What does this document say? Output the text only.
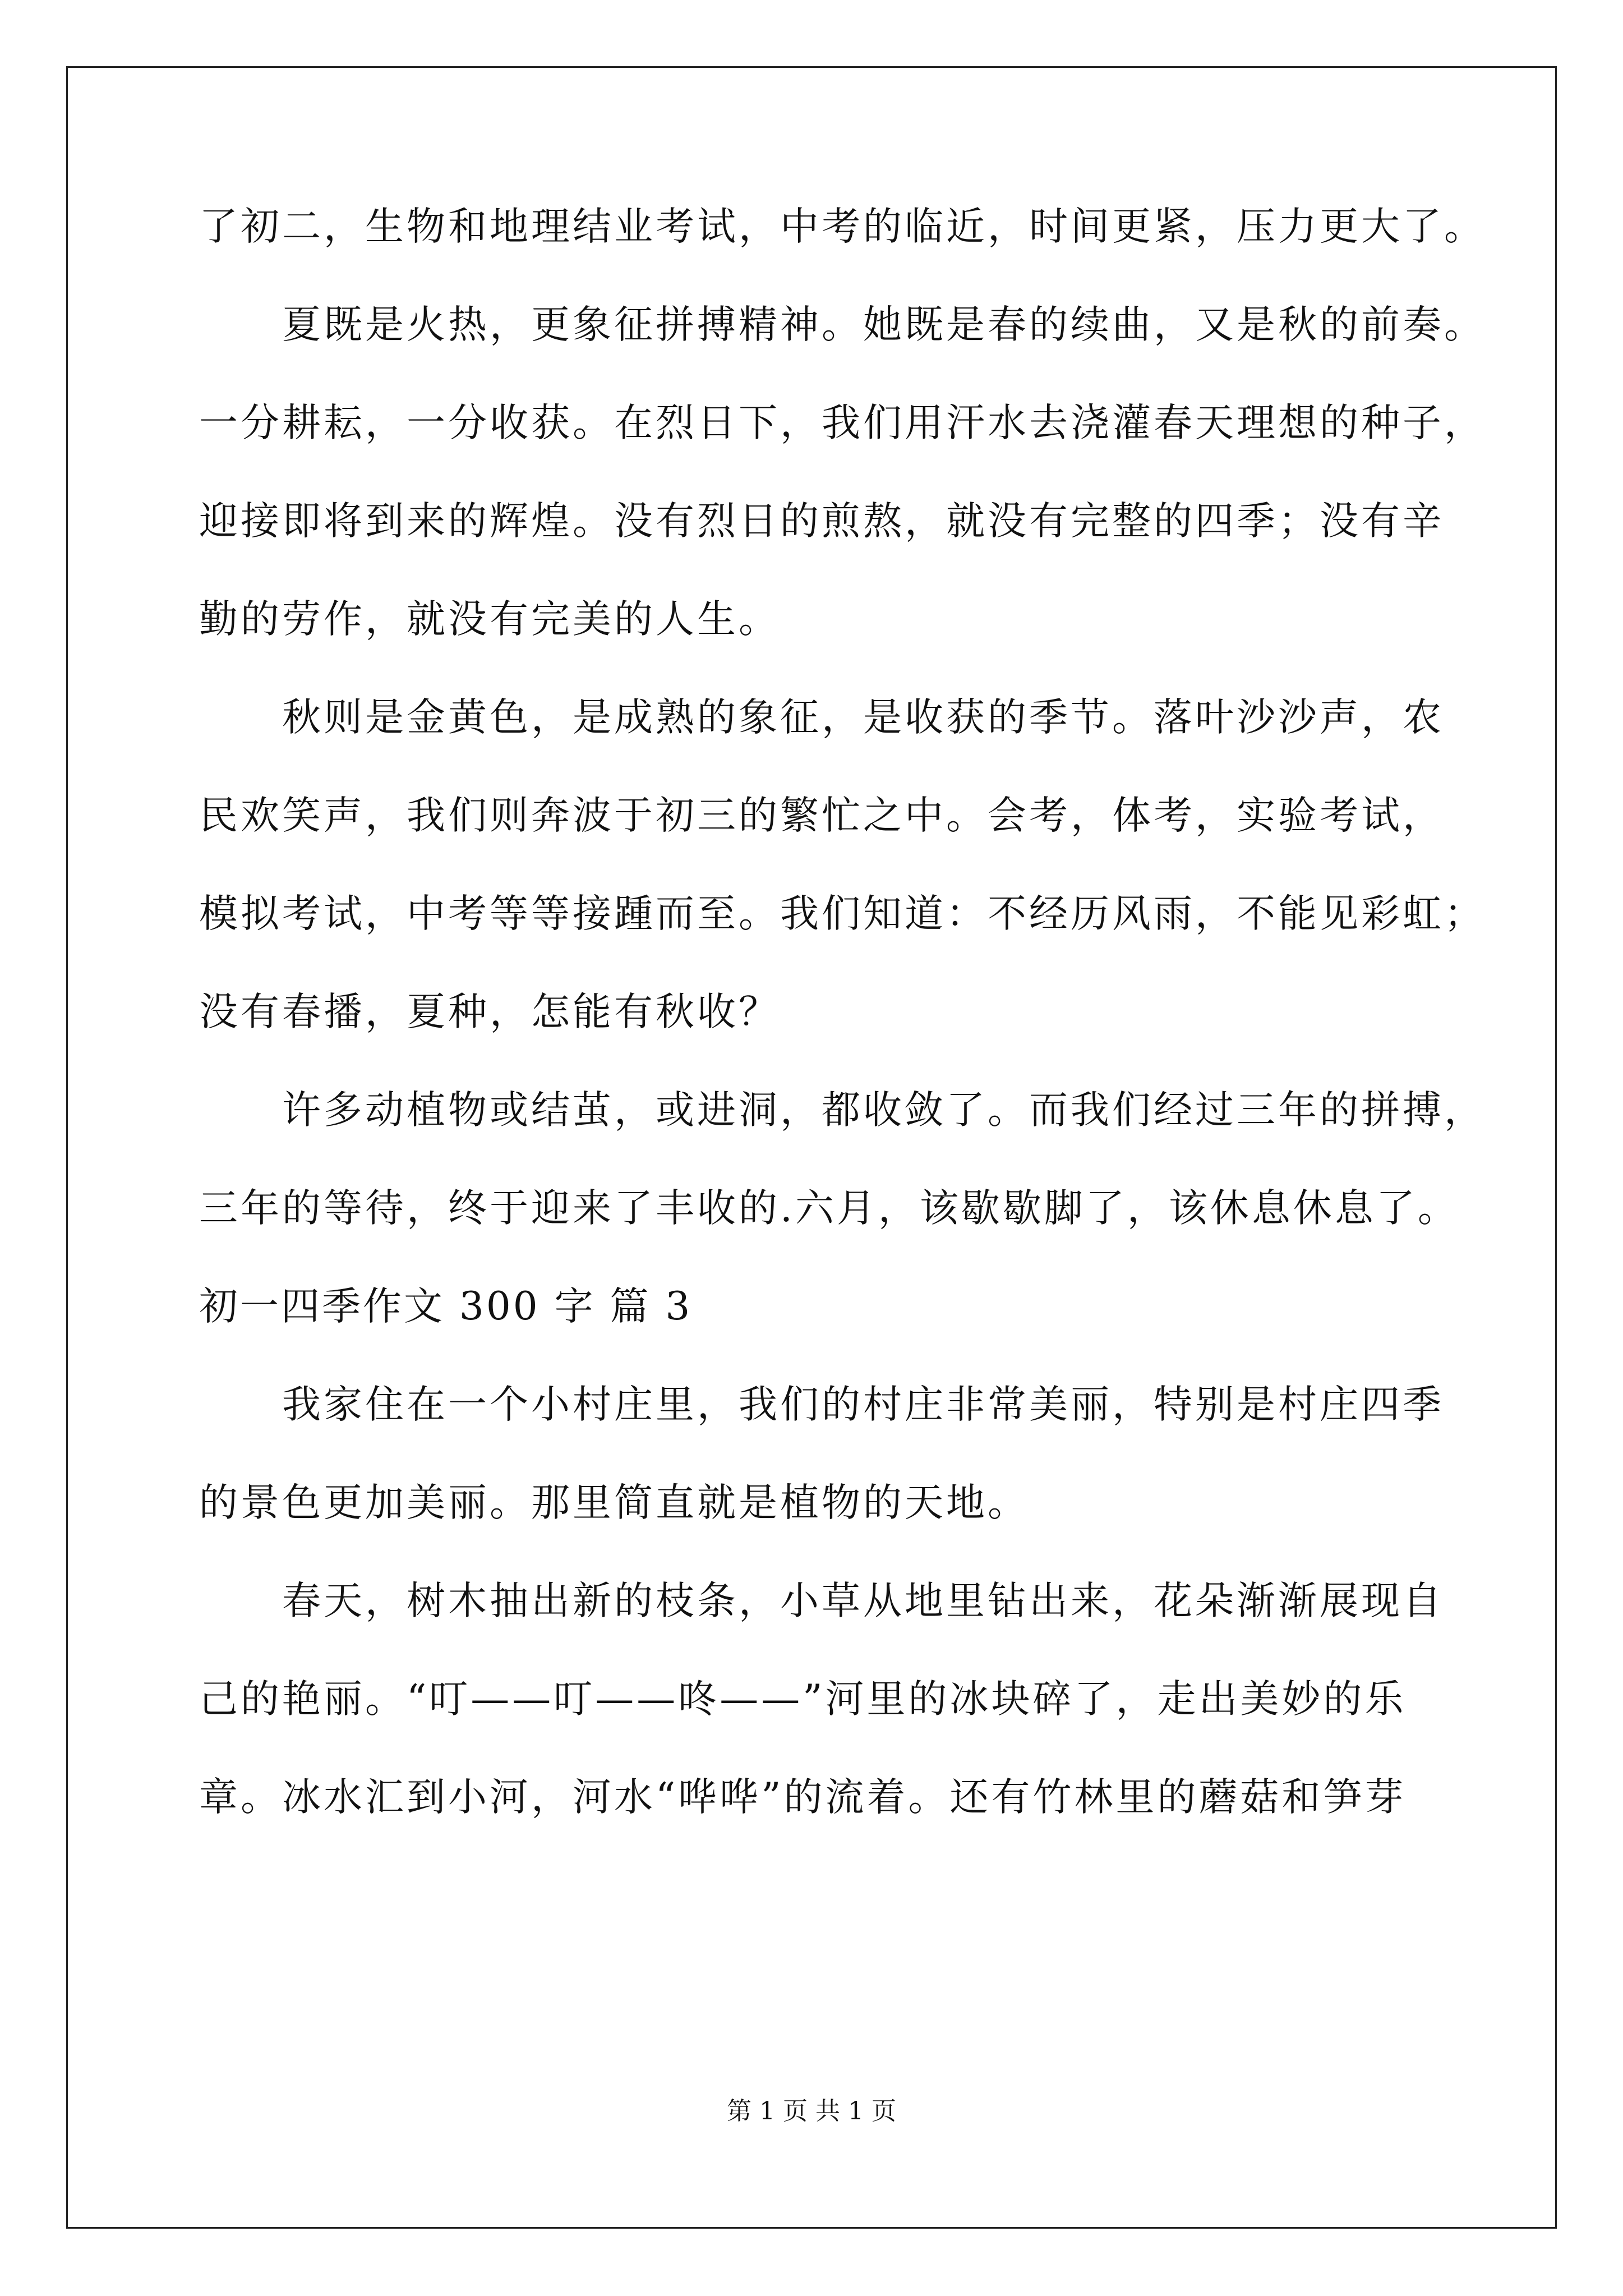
了初二，生物和地理结业考试，中考的临近，时间更紧，压力更大了。
夏既是火热，更象征拼搏精神。她既是春的续曲，又是秋的前奏。
一分耕耘，一分收获。在烈日下，我们用汗水去浇灌春天理想的种子，
迎接即将到来的辉煌。没有烈日的煎熬，就没有完整的四季；没有辛
勤的劳作，就没有完美的人生。
秋则是金黄色，是成熟的象征，是收获的季节。落叶沙沙声，农
民欢笑声，我们则奔波于初三的繁忙之中。会考，体考，实验考试，
模拟考试，中考等等接踵而至。我们知道：不经历风雨，不能见彩虹；
没有春播，夏种，怎能有秋收？
许多动植物或结茧，或进洞，都收敛了。而我们经过三年的拼搏，
三年的等待，终于迎来了丰收的.六月，该歇歇脚了，该休息休息了。
初一四季作文 300 字 篇 3
我家住在一个小村庄里，我们的村庄非常美丽，特别是村庄四季
的景色更加美丽。那里简直就是植物的天地。
春天，树木抽出新的枝条，小草从地里钻出来，花朵渐渐展现自
己的艳丽。“叮——叮——咚——”河里的冰块碎了，走出美妙的乐
章。冰水汇到小河，河水“哗哗”的流着。还有竹林里的蘑菇和笋芽
第 1 页 共 1 页
